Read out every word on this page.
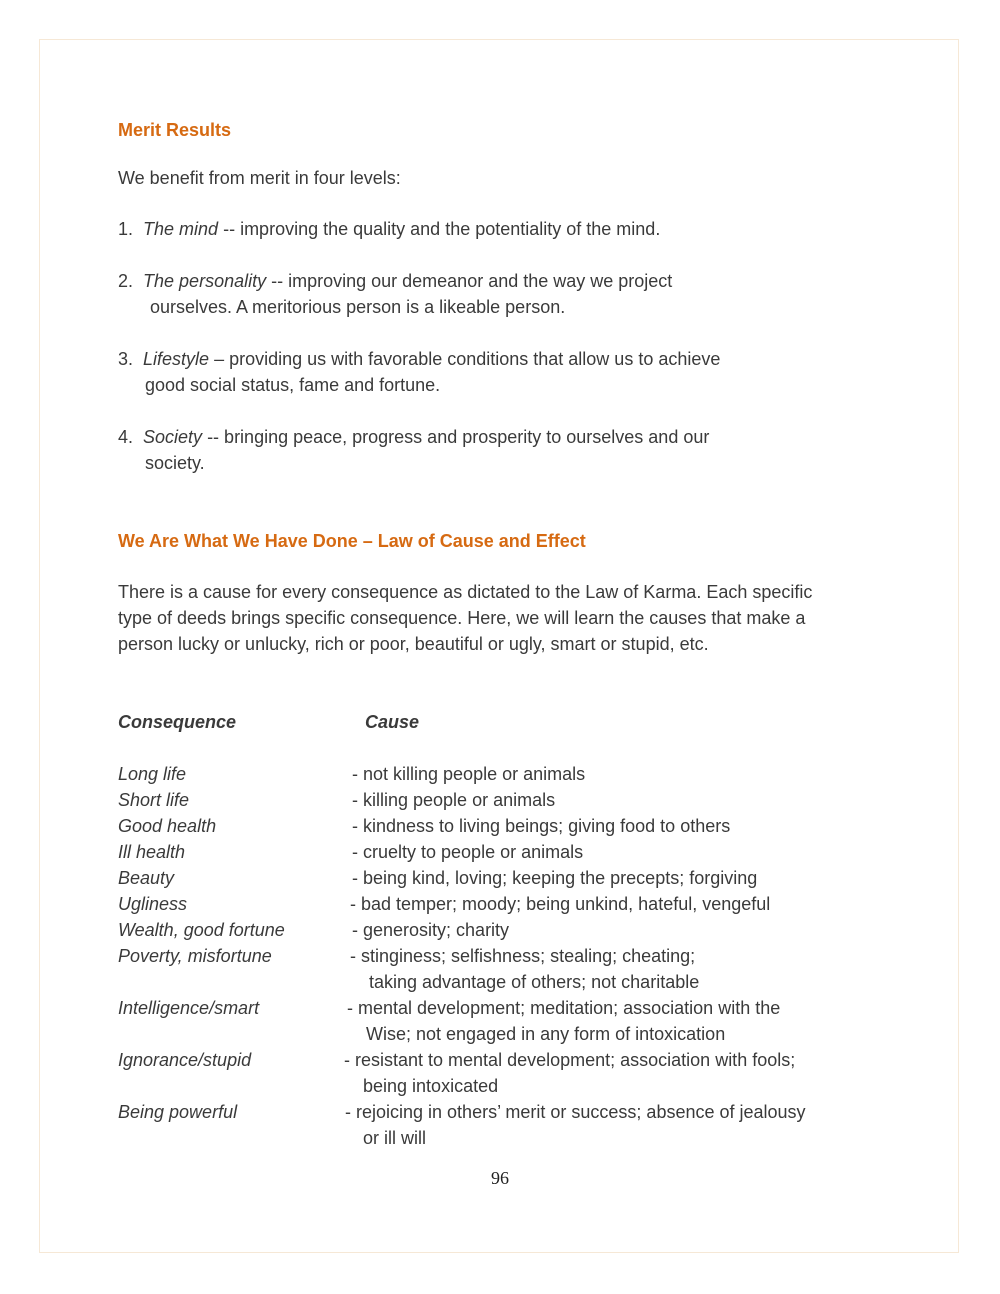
Merit Results
We benefit from merit in four levels:
1. The mind -- improving the quality and the potentiality of the mind.
2. The personality -- improving our demeanor and the way we project
ourselves. A meritorious person is a likeable person.
3. Lifestyle – providing us with favorable conditions that allow us to achieve
good social status, fame and fortune.
4. Society -- bringing peace, progress and prosperity to ourselves and our
society.
We Are What We Have Done – Law of Cause and Effect
There is a cause for every consequence as dictated to the Law of Karma. Each specific
type of deeds brings specific consequence. Here, we will learn the causes that make a
person lucky or unlucky, rich or poor, beautiful or ugly, smart or stupid, etc.
Consequence	Cause
Long life	- not killing people or animals
Short life	- killing people or animals
Good health	- kindness to living beings; giving food to others
Ill health	- cruelty to people or animals
Beauty	- being kind, loving; keeping the precepts; forgiving
Ugliness	- bad temper; moody; being unkind, hateful, vengeful
Wealth, good fortune	- generosity; charity
Poverty, misfortune	- stinginess; selfishness; stealing; cheating;
taking advantage of others; not charitable
Intelligence/smart	- mental development; meditation; association with the
Wise; not engaged in any form of intoxication
Ignorance/stupid	- resistant to mental development; association with fools;
being intoxicated
Being powerful	- rejoicing in others’ merit or success; absence of jealousy
or ill will
96
